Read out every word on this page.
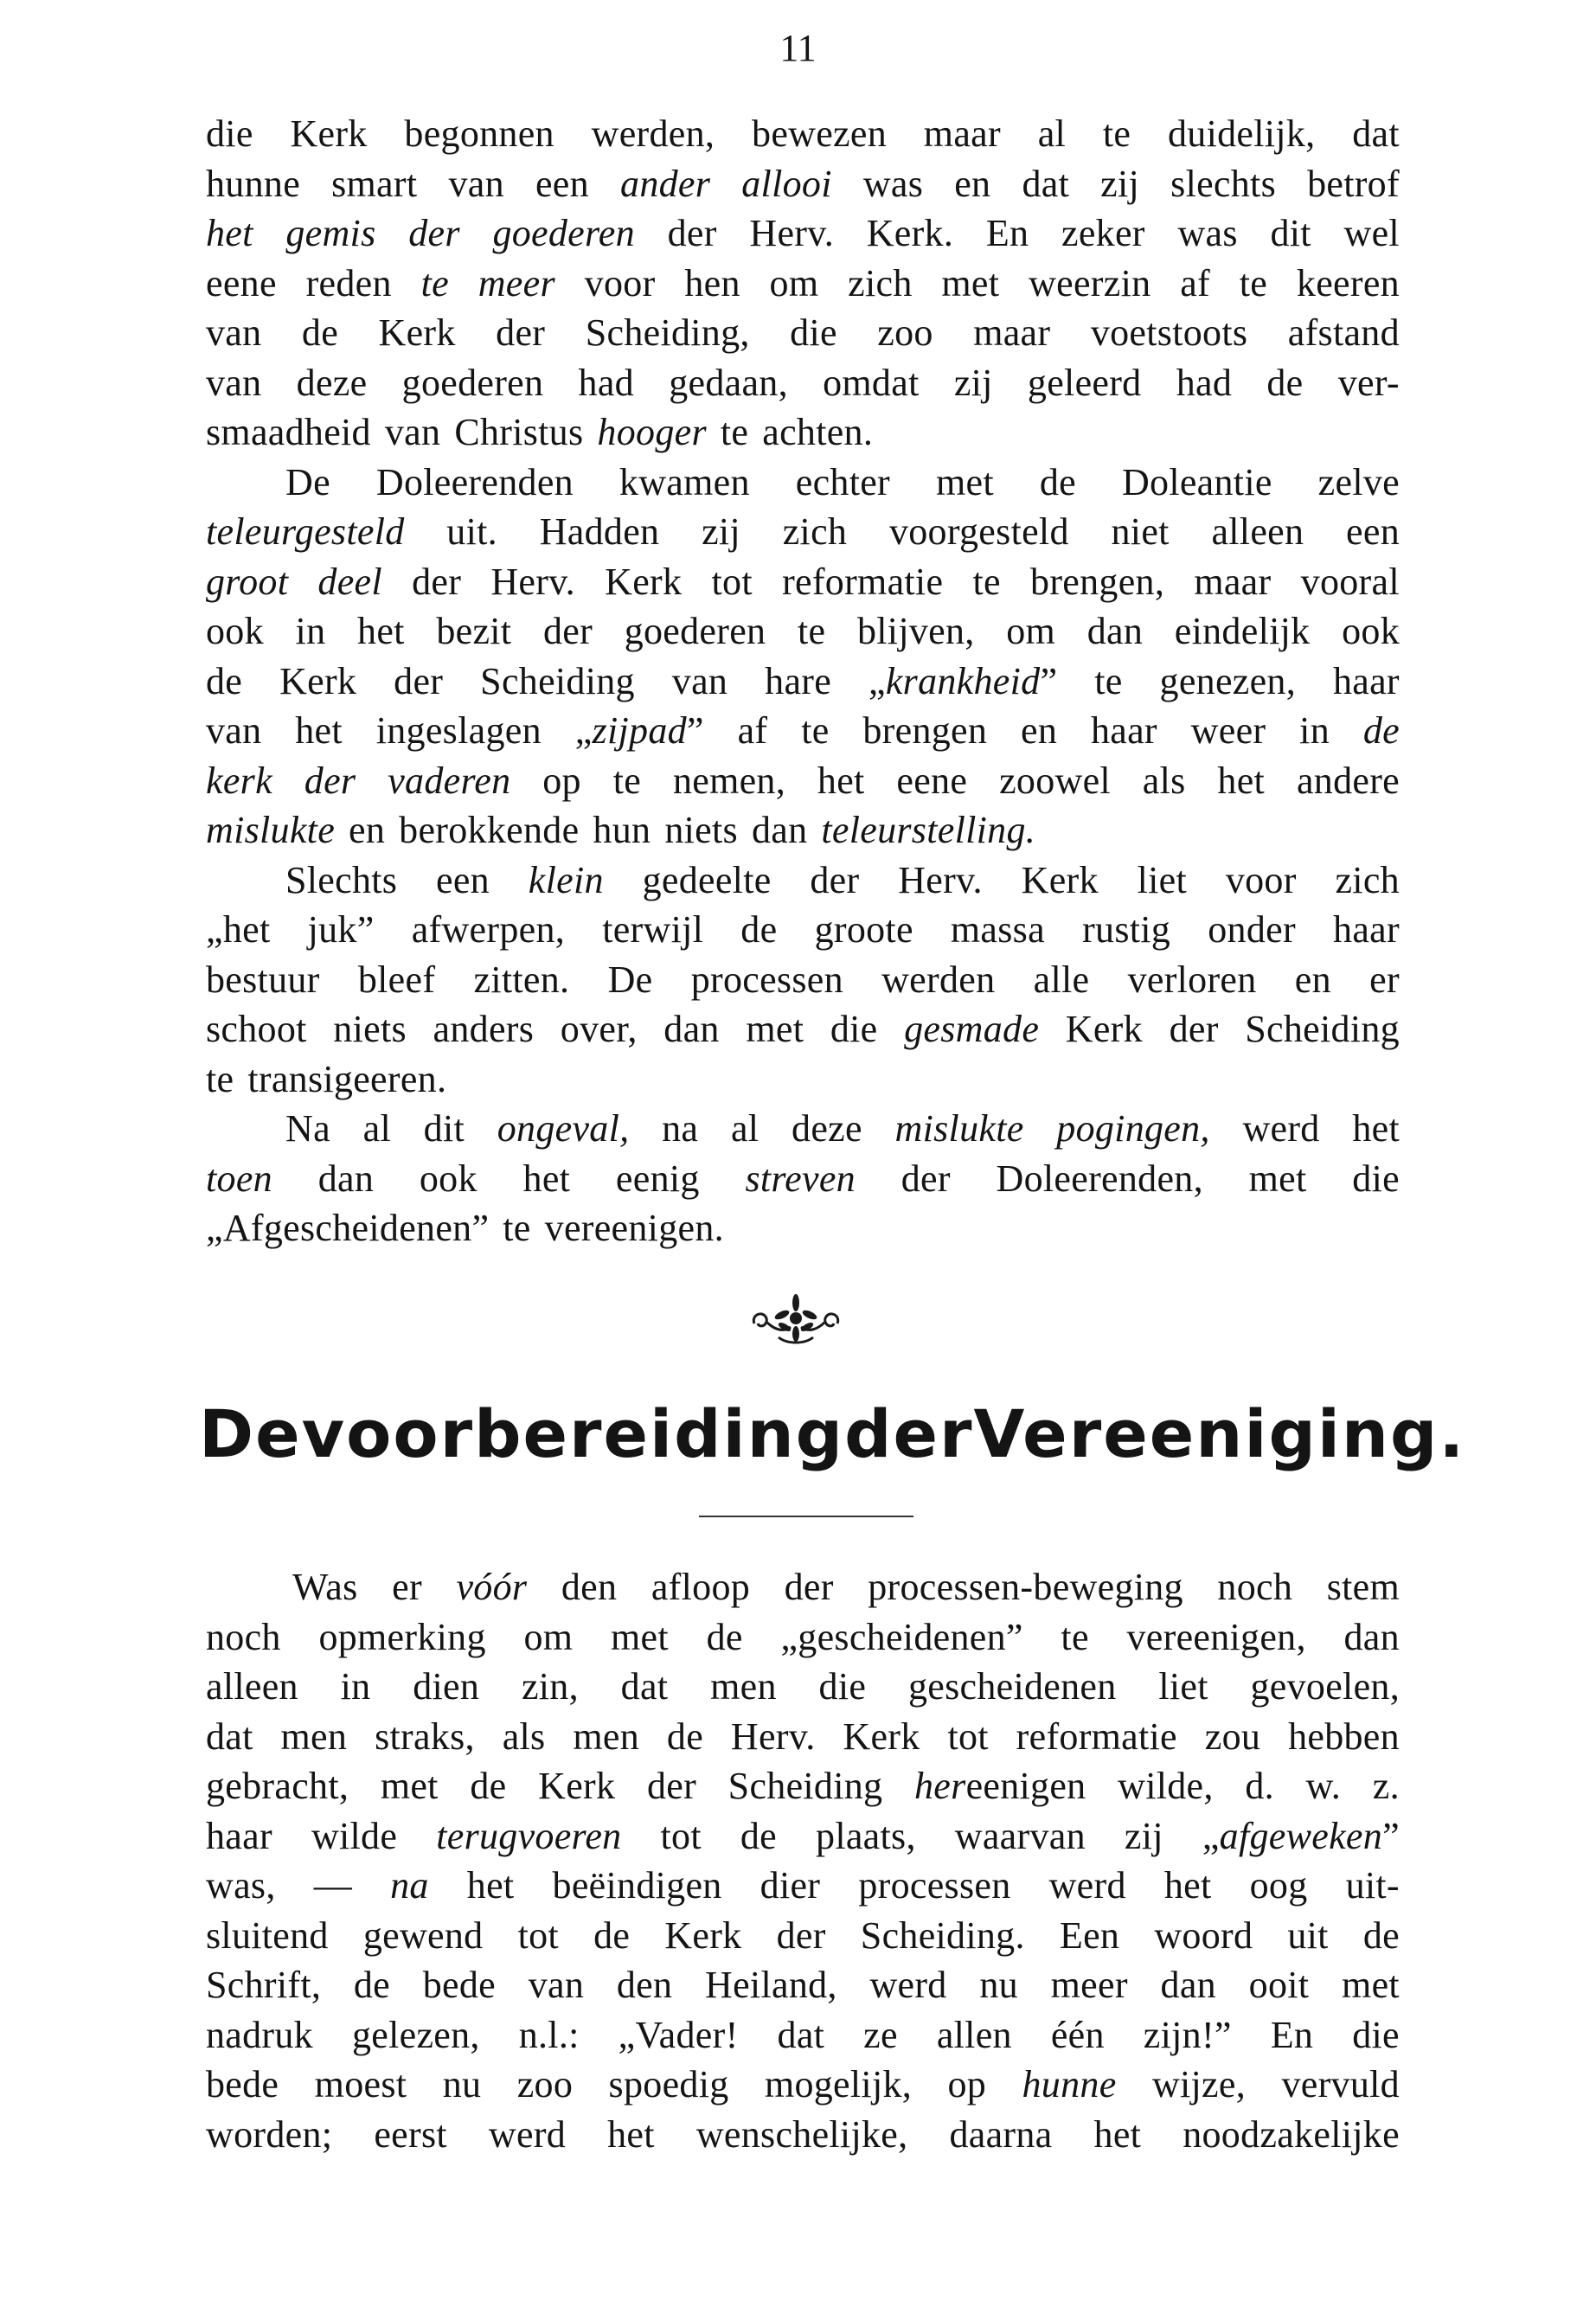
11
die Kerk begonnen werden, bewezen maar al te duidelijk, dat
hunne smart van een ander allooi was en dat zij slechts betrof
het gemis der goederen der Herv. Kerk. En zeker was dit wel
eene reden te meer voor hen om zich met weerzin af te keeren
van de Kerk der Scheiding, die zoo maar voetstoots afstand
van deze goederen had gedaan, omdat zij geleerd had de ver-
smaadheid van Christus hooger te achten.
De Doleerenden kwamen echter met de Doleantie zelve
teleurgesteld uit. Hadden zij zich voorgesteld niet alleen een
groot deel der Herv. Kerk tot reformatie te brengen, maar vooral
ook in het bezit der goederen te blijven, om dan eindelijk ook
de Kerk der Scheiding van hare „krankheid” te genezen, haar
van het ingeslagen „zijpad” af te brengen en haar weer in de
kerk der vaderen op te nemen, het eene zoowel als het andere
mislukte en berokkende hun niets dan teleurstelling.
Slechts een klein gedeelte der Herv. Kerk liet voor zich
„het juk” afwerpen, terwijl de groote massa rustig onder haar
bestuur bleef zitten. De processen werden alle verloren en er
schoot niets anders over, dan met die gesmade Kerk der Scheiding
te transigeeren.
Na al dit ongeval, na al deze mislukte pogingen, werd het
toen dan ook het eenig streven der Doleerenden, met die
„Afgescheidenen” te vereenigen.
De voorbereiding der Vereeniging.
Was er vóór den afloop der processen-beweging noch stem
noch opmerking om met de „gescheidenen” te vereenigen, dan
alleen in dien zin, dat men die gescheidenen liet gevoelen,
dat men straks, als men de Herv. Kerk tot reformatie zou hebben
gebracht, met de Kerk der Scheiding hereenigen wilde, d. w. z.
haar wilde terugvoeren tot de plaats, waarvan zij „afgeweken”
was, — na het beëindigen dier processen werd het oog uit-
sluitend gewend tot de Kerk der Scheiding. Een woord uit de
Schrift, de bede van den Heiland, werd nu meer dan ooit met
nadruk gelezen, n.l.: „Vader! dat ze allen één zijn!” En die
bede moest nu zoo spoedig mogelijk, op hunne wijze, vervuld
worden; eerst werd het wenschelijke, daarna het noodzakelijke
